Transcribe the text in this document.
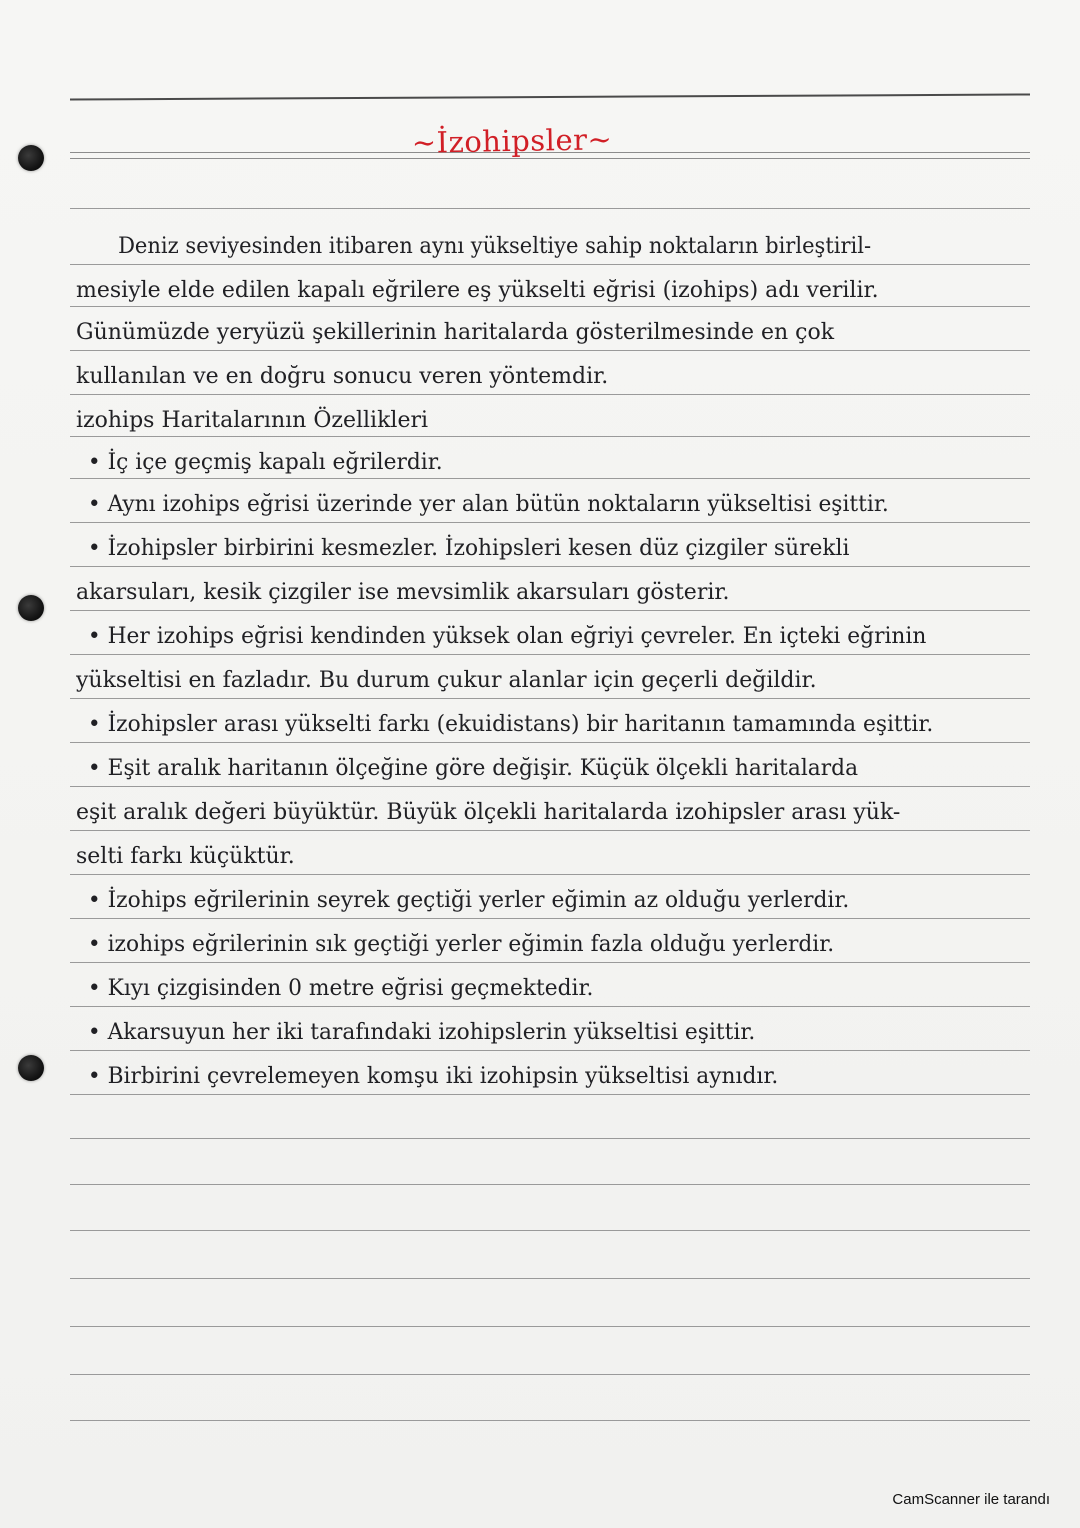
~İzohipsler~
Deniz seviyesinden itibaren aynı yükseltiye sahip noktaların birleştiril-
mesiyle elde edilen kapalı eğrilere eş yükselti eğrisi (izohips) adı verilir.
Günümüzde yeryüzü şekillerinin haritalarda gösterilmesinde en çok
kullanılan ve en doğru sonucu veren yöntemdir.
izohips Haritalarının Özellikleri
• İç içe geçmiş kapalı eğrilerdir.
• Aynı izohips eğrisi üzerinde yer alan bütün noktaların yükseltisi eşittir.
• İzohipsler birbirini kesmezler. İzohipsleri kesen düz çizgiler sürekli
akarsuları, kesik çizgiler ise mevsimlik akarsuları gösterir.
• Her izohips eğrisi kendinden yüksek olan eğriyi çevreler. En içteki eğrinin
yükseltisi en fazladır. Bu durum çukur alanlar için geçerli değildir.
• İzohipsler arası yükselti farkı (ekuidistans) bir haritanın tamamında eşittir.
• Eşit aralık haritanın ölçeğine göre değişir. Küçük ölçekli haritalarda
eşit aralık değeri büyüktür. Büyük ölçekli haritalarda izohipsler arası yük-
selti farkı küçüktür.
• İzohips eğrilerinin seyrek geçtiği yerler eğimin az olduğu yerlerdir.
• izohips eğrilerinin sık geçtiği yerler eğimin fazla olduğu yerlerdir.
• Kıyı çizgisinden 0 metre eğrisi geçmektedir.
• Akarsuyun her iki tarafındaki izohipslerin yükseltisi eşittir.
• Birbirini çevrelemeyen komşu iki izohipsin yükseltisi aynıdır.
CamScanner ile tarandı
